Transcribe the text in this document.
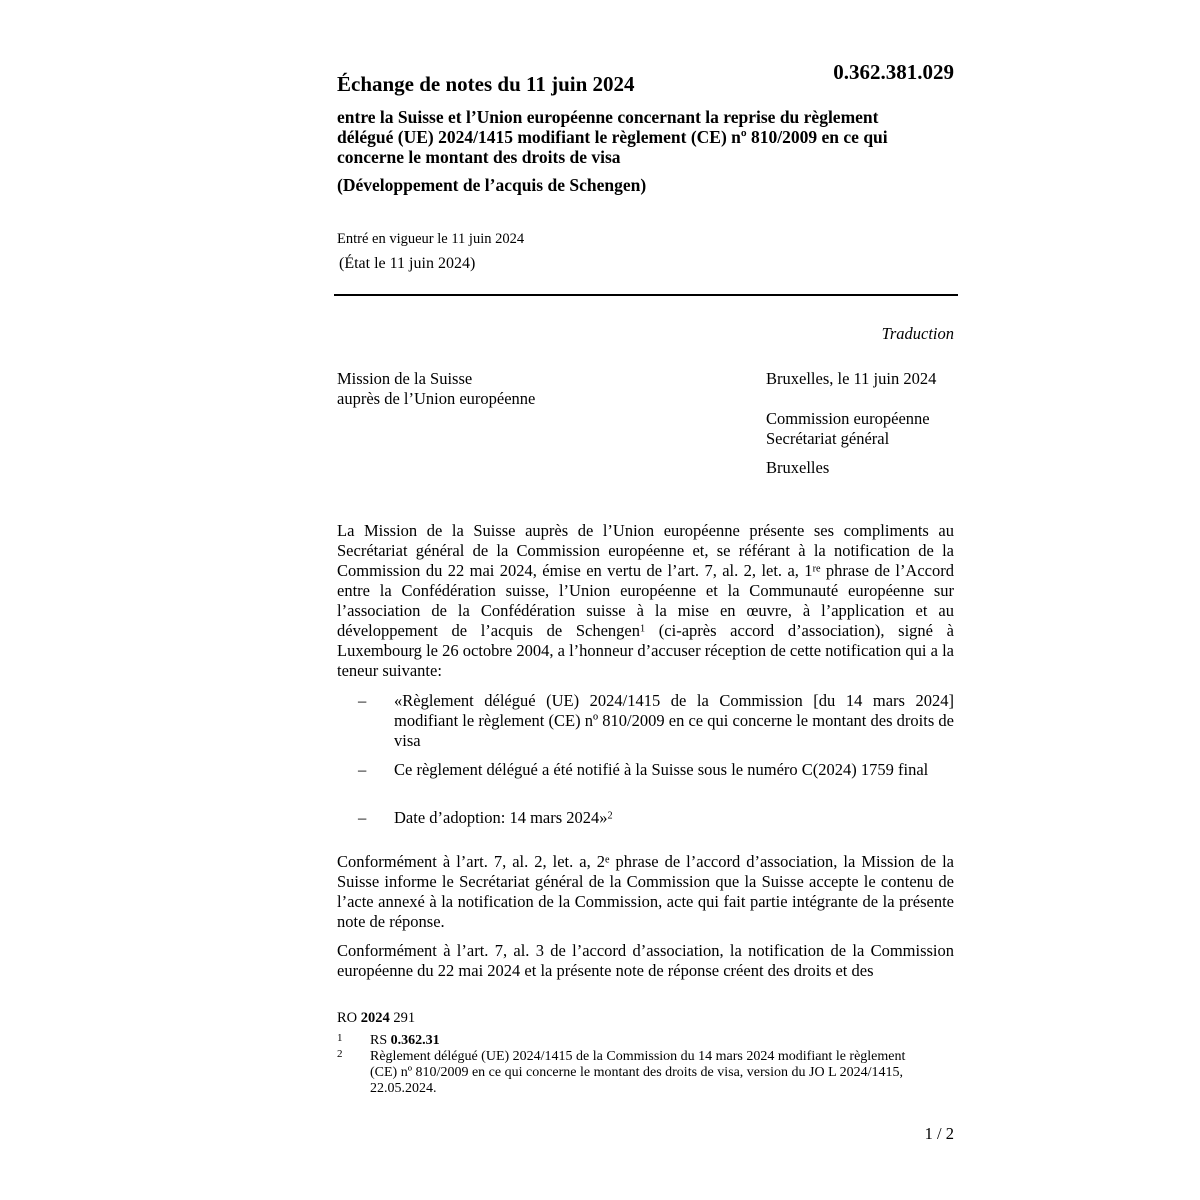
0.362.381.029
Échange de notes du 11 juin 2024
entre la Suisse et l’Union européenne concernant la reprise du règlement délégué (UE) 2024/1415 modifiant le règlement (CE) nº 810/2009 en ce qui concerne le montant des droits de visa
(Développement de l’acquis de Schengen)
Entré en vigueur le 11 juin 2024
(État le 11 juin 2024)
Traduction
Mission de la Suisse
auprès de l’Union européenne
Bruxelles, le 11 juin 2024
Commission européenne
Secrétariat général
Bruxelles

La Mission de la Suisse auprès de l’Union européenne présente ses compliments au Secrétariat général de la Commission européenne et, se référant à la notification de la Commission du 22 mai 2024, émise en vertu de l’art. 7, al. 2, let. a, 1re phrase de l’Accord entre la Confédération suisse, l’Union européenne et la Communauté européenne sur l’association de la Confédération suisse à la mise en œuvre, à l’application et au développement de l’acquis de Schengen$^1$ (ci-après accord d’association), signé à Luxembourg le 26 octobre 2004, a l’honneur d’accuser réception de cette notification qui a la teneur suivante:

– «Règlement délégué (UE) 2024/1415 de la Commission [du 14 mars 2024] modifiant le règlement (CE) nº 810/2009 en ce qui concerne le montant des droits de visa
– Ce règlement délégué a été notifié à la Suisse sous le numéro C(2024) 1759 final
– Date d’adoption: 14 mars 2024»$^2$

Conformément à l’art. 7, al. 2, let. a, 2e phrase de l’accord d’association, la Mission de la Suisse informe le Secrétariat général de la Commission que la Suisse accepte le contenu de l’acte annexé à la notification de la Commission, acte qui fait partie intégrante de la présente note de réponse.

Conformément à l’art. 7, al. 3 de l’accord d’association, la notification de la Commission européenne du 22 mai 2024 et la présente note de réponse créent des droits et des

RO 2024 291
1 RS 0.362.31
2 Règlement délégué (UE) 2024/1415 de la Commission du 14 mars 2024 modifiant le règlement (CE) nº 810/2009 en ce qui concerne le montant des droits de visa, version du JO L 2024/1415, 22.05.2024.
1 / 2
